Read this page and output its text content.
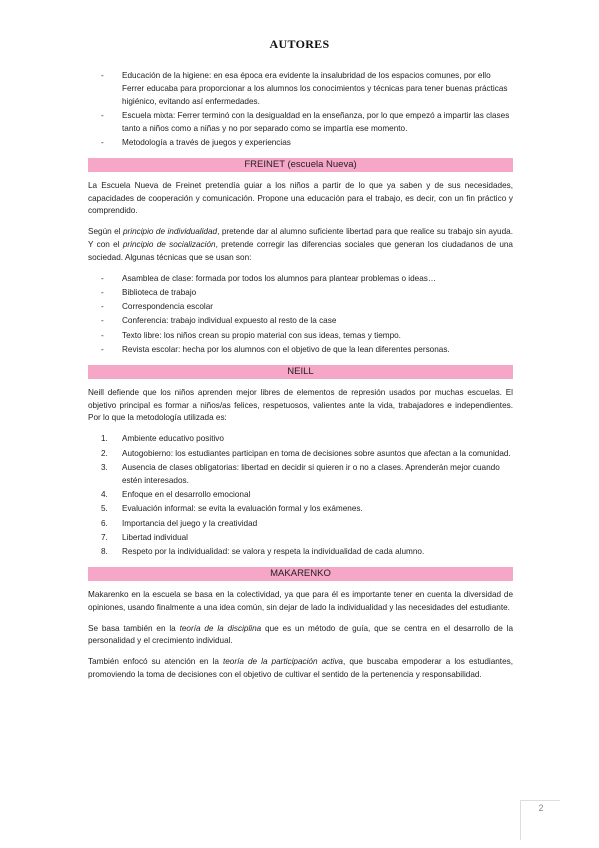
AUTORES
- Educación de la higiene: en esa época era evidente la insalubridad de los espacios comunes, por ello Ferrer educaba para proporcionar a los alumnos los conocimientos y técnicas para tener buenas prácticas higiénico, evitando así enfermedades.
- Escuela mixta: Ferrer terminó con la desigualdad en la enseñanza, por lo que empezó a impartir las clases tanto a niños como a niñas y no por separado como se impartía ese momento.
- Metodología a través de juegos y experiencias
FREINET (escuela Nueva)

La Escuela Nueva de Freinet pretendía guiar a los niños a partir de lo que ya saben y de sus necesidades, capacidades de cooperación y comunicación. Propone una educación para el trabajo, es decir, con un fin práctico y comprendido.

Según el principio de individualidad, pretende dar al alumno suficiente libertad para que realice su trabajo sin ayuda. Y con el principio de socialización, pretende corregir las diferencias sociales que generan los ciudadanos de una sociedad. Algunas técnicas que se usan son:

- Asamblea de clase: formada por todos los alumnos para plantear problemas o ideas…
- Biblioteca de trabajo
- Correspondencia escolar
- Conferencia: trabajo individual expuesto al resto de la case
- Texto libre: los niños crean su propio material con sus ideas, temas y tiempo.
- Revista escolar: hecha por los alumnos con el objetivo de que la lean diferentes personas.
NEILL

Neill defiende que los niños aprenden mejor libres de elementos de represión usados por muchas escuelas. El objetivo principal es formar a niños/as felices, respetuosos, valientes ante la vida, trabajadores e independientes. Por lo que la metodología utilizada es:

1. Ambiente educativo positivo
2. Autogobierno: los estudiantes participan en toma de decisiones sobre asuntos que afectan a la comunidad.
3. Ausencia de clases obligatorias: libertad en decidir si quieren ir o no a clases. Aprenderán mejor cuando estén interesados.
4. Enfoque en el desarrollo emocional
5. Evaluación informal: se evita la evaluación formal y los exámenes.
6. Importancia del juego y la creatividad
7. Libertad individual
8. Respeto por la individualidad: se valora y respeta la individualidad de cada alumno.
MAKARENKO

Makarenko en la escuela se basa en la colectividad, ya que para él es importante tener en cuenta la diversidad de opiniones, usando finalmente a una idea común, sin dejar de lado la individualidad y las necesidades del estudiante.

Se basa también en la teoría de la disciplina que es un método de guía, que se centra en el desarrollo de la personalidad y el crecimiento individual.

También enfocó su atención en la teoría de la participación activa, que buscaba empoderar a los estudiantes, promoviendo la toma de decisiones con el objetivo de cultivar el sentido de la pertenencia y responsabilidad.

2
